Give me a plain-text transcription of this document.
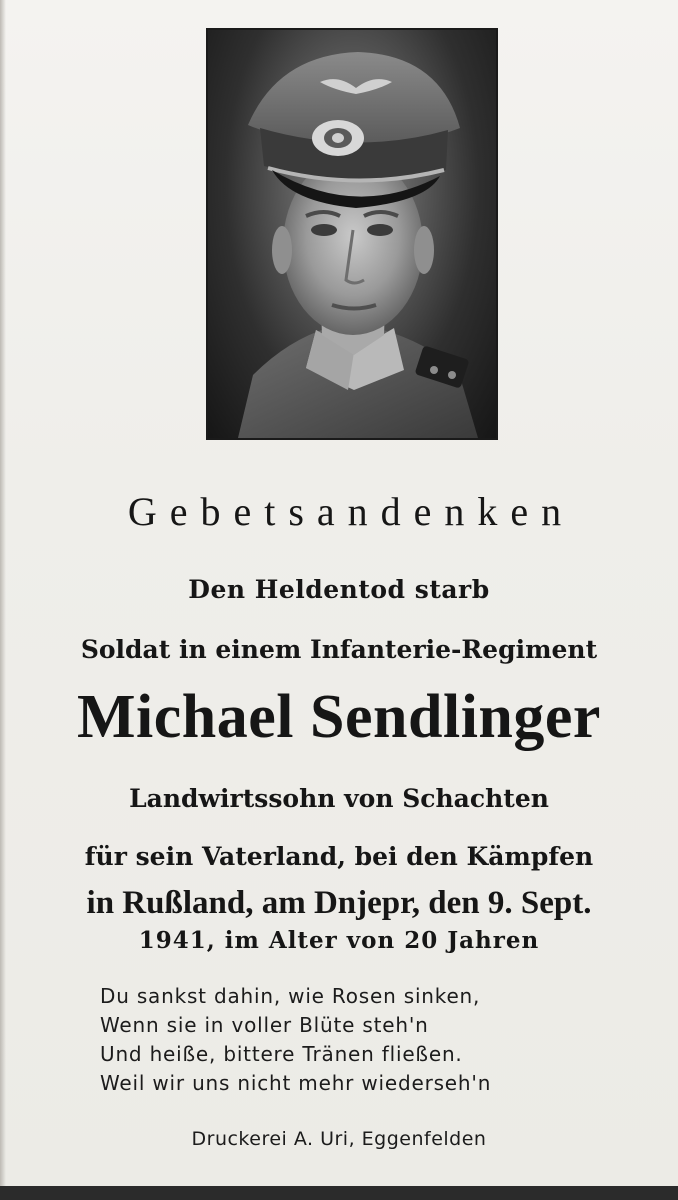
Gebetsandenken
Den Heldentod starb
Soldat in einem Infanterie-Regiment
Michael Sendlinger
Landwirtssohn von Schachten
für sein Vaterland, bei den Kämpfen
in Rußland, am Dnjepr, den 9. Sept.
1941, im Alter von 20 Jahren
Du sankst dahin, wie Rosen sinken,
Wenn sie in voller Blüte steh'n
Und heiße, bittere Tränen fließen.
Weil wir uns nicht mehr wiederseh'n
Druckerei A. Uri, Eggenfelden
